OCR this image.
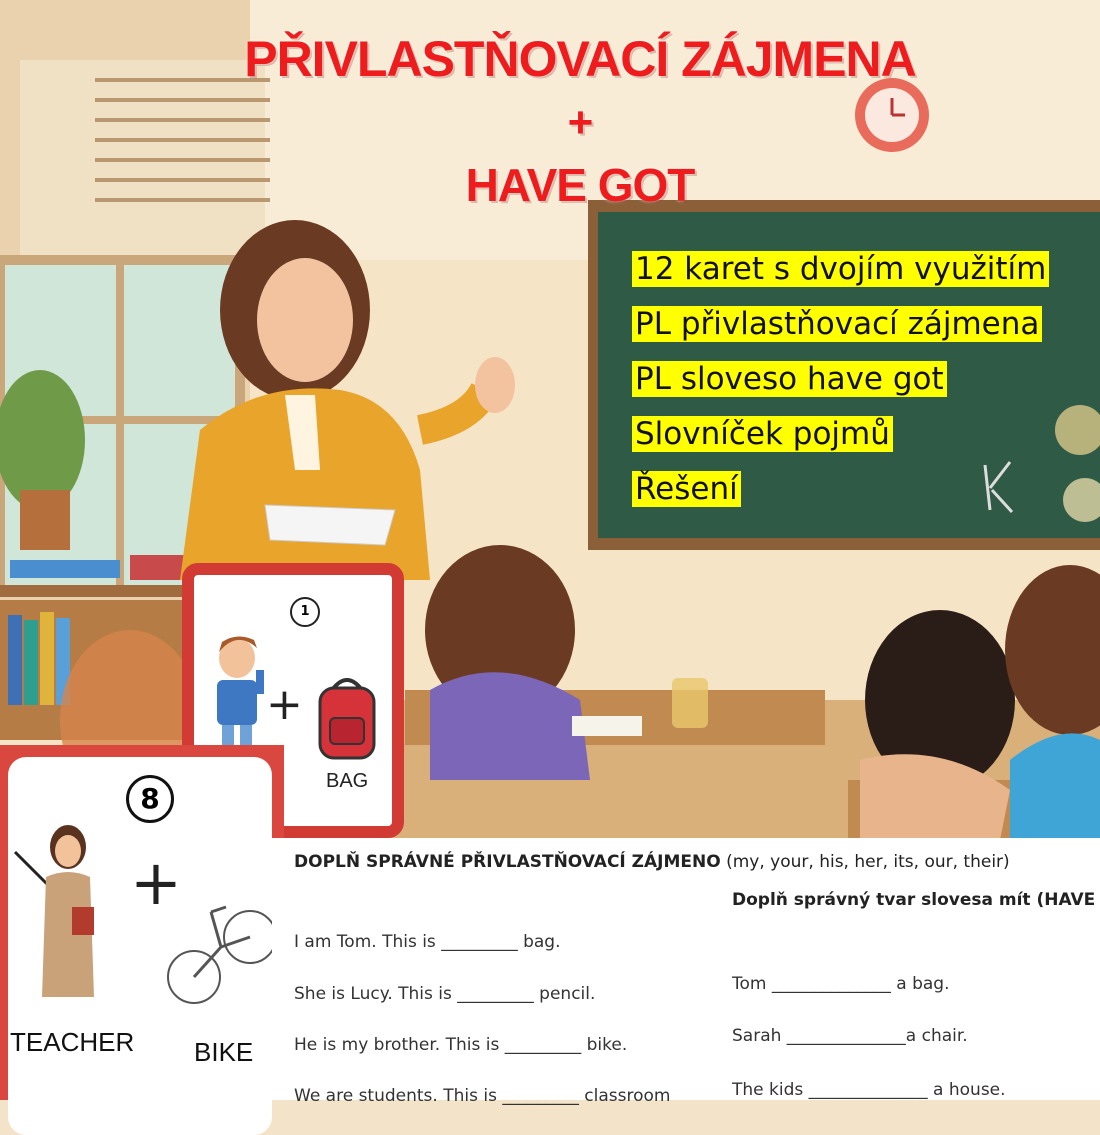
PŘIVLASTŇOVACÍ ZÁJMENA
+
HAVE GOT
12 karet s dvojím využitím
PL přivlastňovací zájmena
PL sloveso have got
Slovníček pojmů
Řešení
1
+
BAG
8
+
TEACHER BIKE
DOPLŇ SPRÁVNÉ PŘIVLASTŇOVACÍ ZÁJMENO (my, your, his, her, its, our, their)
Doplň správný tvar slovesa mít (HAVE
I am Tom. This is _________ bag.
She is Lucy. This is _________ pencil.
He is my brother. This is _________ bike.
We are students. This is _________ classroom
Tom ______________ a bag.
Sarah ______________a chair.
The kids ______________ a house.
